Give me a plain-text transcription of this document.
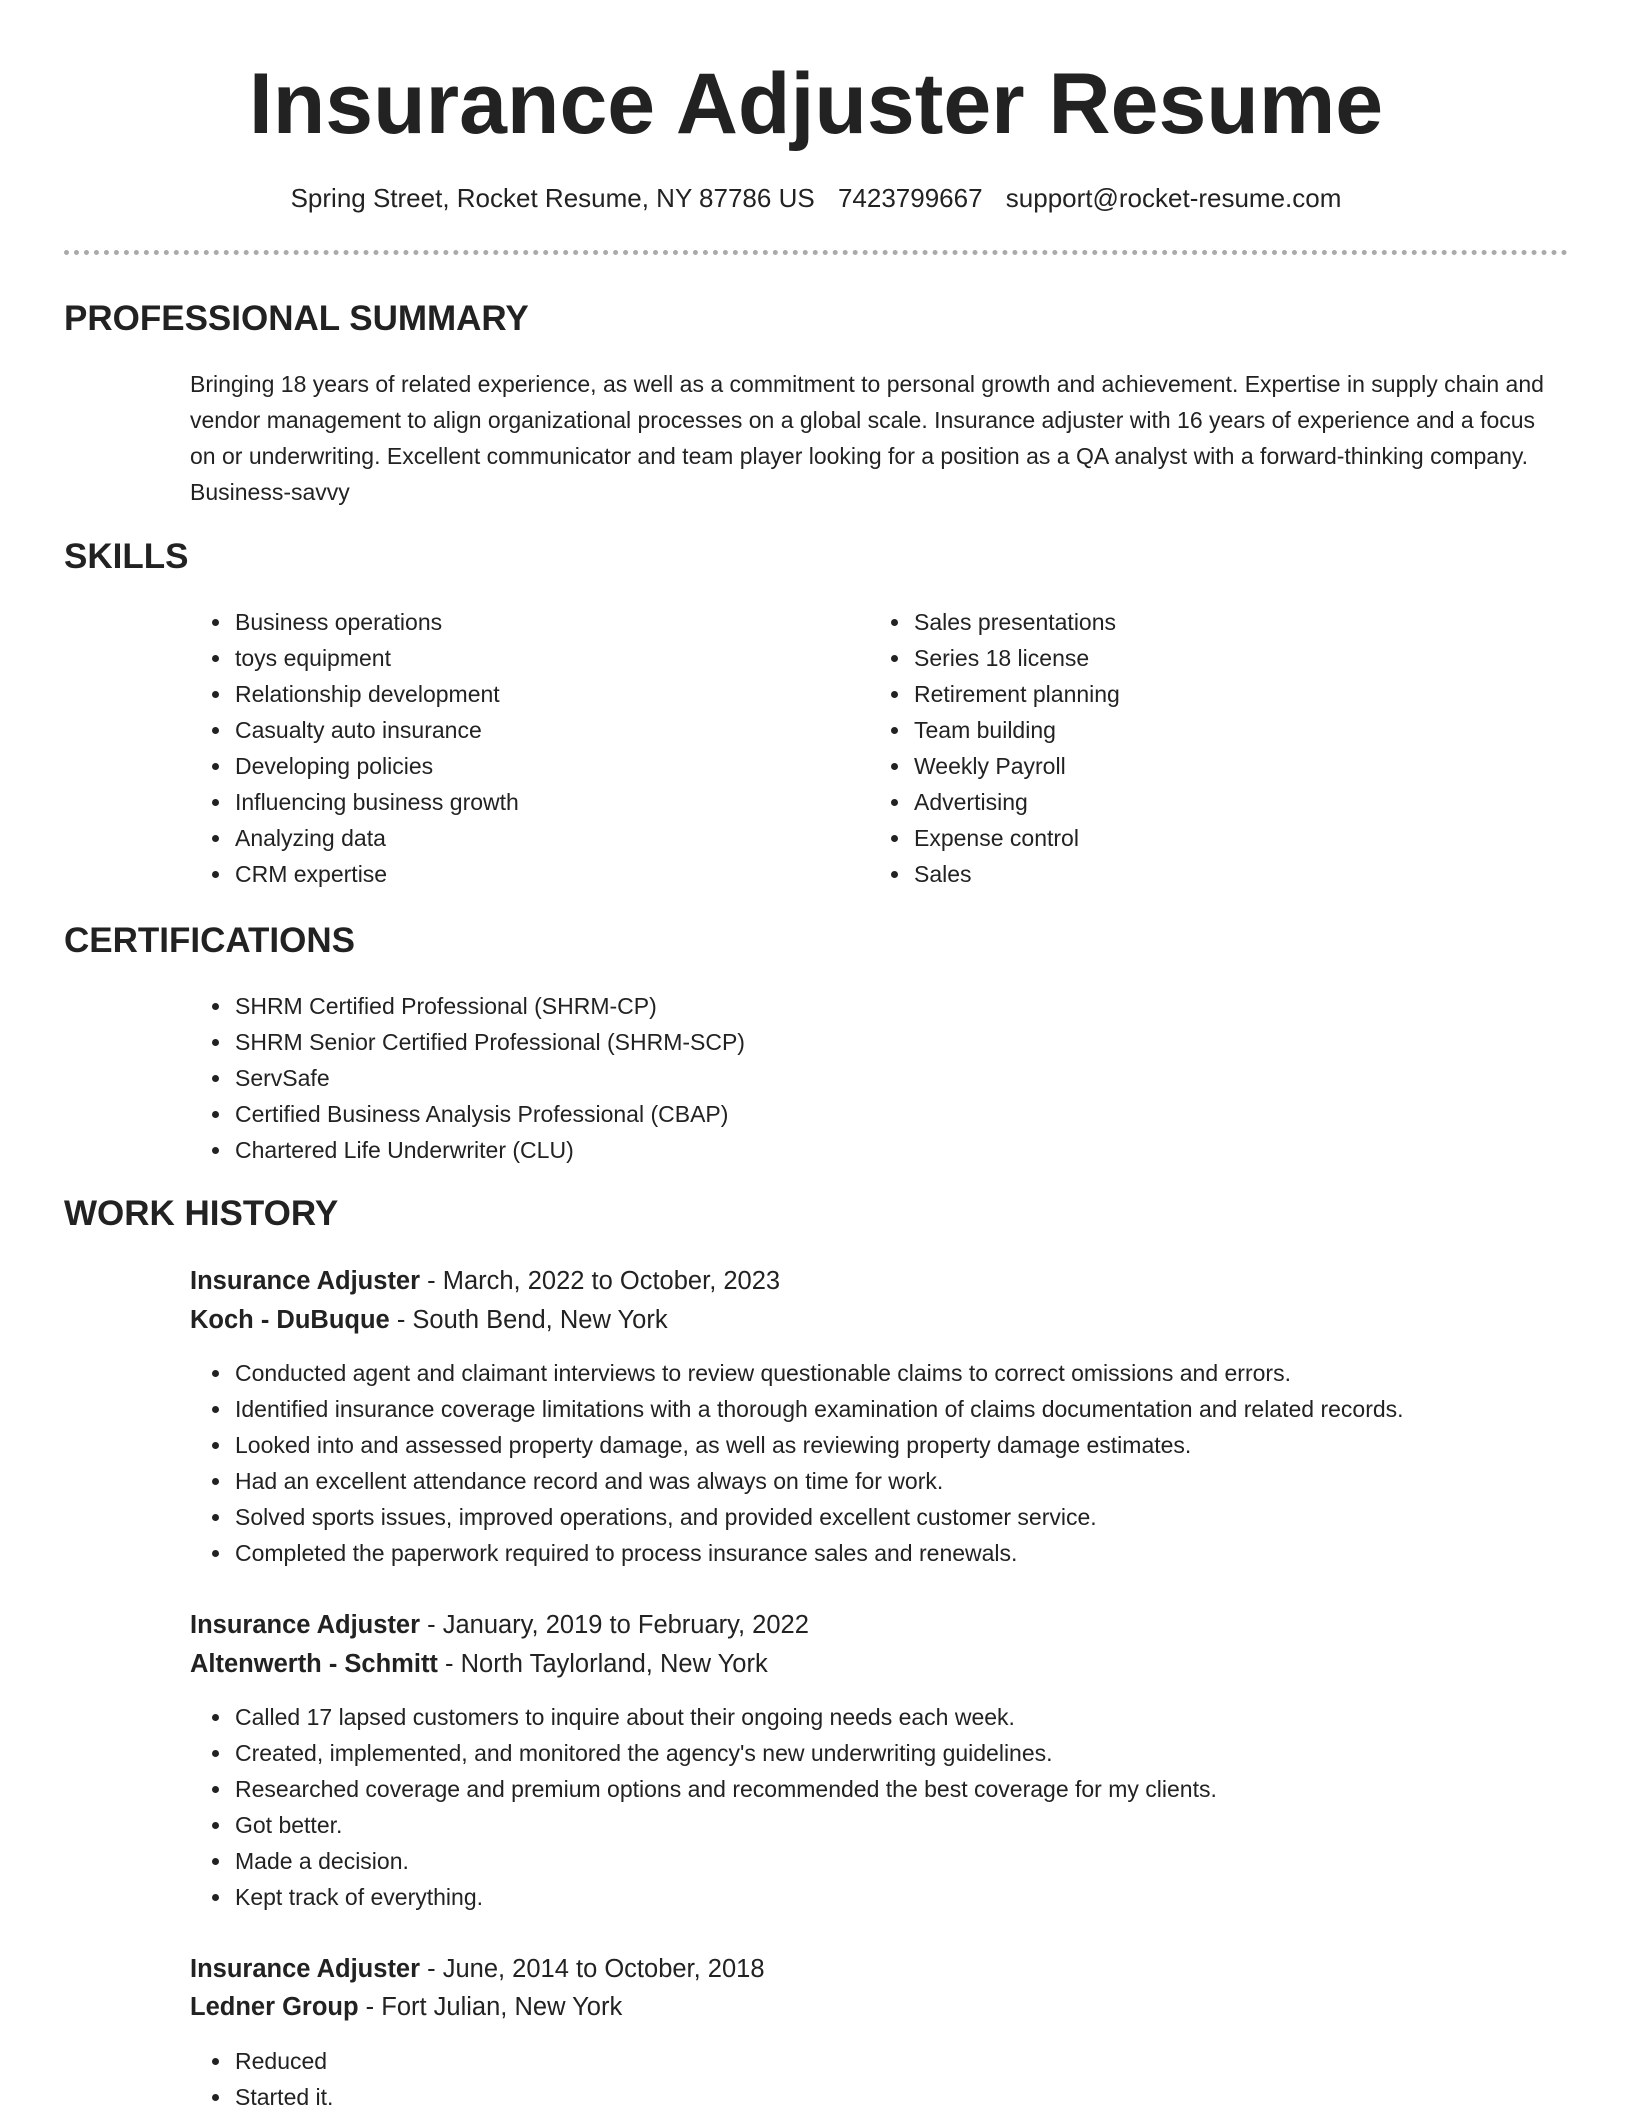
Insurance Adjuster Resume
Spring Street, Rocket Resume, NY 87786 US 7423799667 support@rocket-resume.com
PROFESSIONAL SUMMARY

Bringing 18 years of related experience, as well as a commitment to personal growth and achievement. Expertise in supply chain and vendor management to align organizational processes on a global scale. Insurance adjuster with 16 years of experience and a focus on or underwriting. Excellent communicator and team player looking for a position as a QA analyst with a forward-thinking company. Business-savvy

SKILLS
• Business operations
• toys equipment
• Relationship development
• Casualty auto insurance
• Developing policies
• Influencing business growth
• Analyzing data
• CRM expertise
• Sales presentations
• Series 18 license
• Retirement planning
• Team building
• Weekly Payroll
• Advertising
• Expense control
• Sales
CERTIFICATIONS
• SHRM Certified Professional (SHRM-CP)
• SHRM Senior Certified Professional (SHRM-SCP)
• ServSafe
• Certified Business Analysis Professional (CBAP)
• Chartered Life Underwriter (CLU)
WORK HISTORY
Insurance Adjuster - March, 2022 to October, 2023
Koch - DuBuque - South Bend, New York
• Conducted agent and claimant interviews to review questionable claims to correct omissions and errors.
• Identified insurance coverage limitations with a thorough examination of claims documentation and related records.
• Looked into and assessed property damage, as well as reviewing property damage estimates.
• Had an excellent attendance record and was always on time for work.
• Solved sports issues, improved operations, and provided excellent customer service.
• Completed the paperwork required to process insurance sales and renewals.
Insurance Adjuster - January, 2019 to February, 2022
Altenwerth - Schmitt - North Taylorland, New York
• Called 17 lapsed customers to inquire about their ongoing needs each week.
• Created, implemented, and monitored the agency's new underwriting guidelines.
• Researched coverage and premium options and recommended the best coverage for my clients.
• Got better.
• Made a decision.
• Kept track of everything.
Insurance Adjuster - June, 2014 to October, 2018
Ledner Group - Fort Julian, New York
• Reduced
• Started it.
